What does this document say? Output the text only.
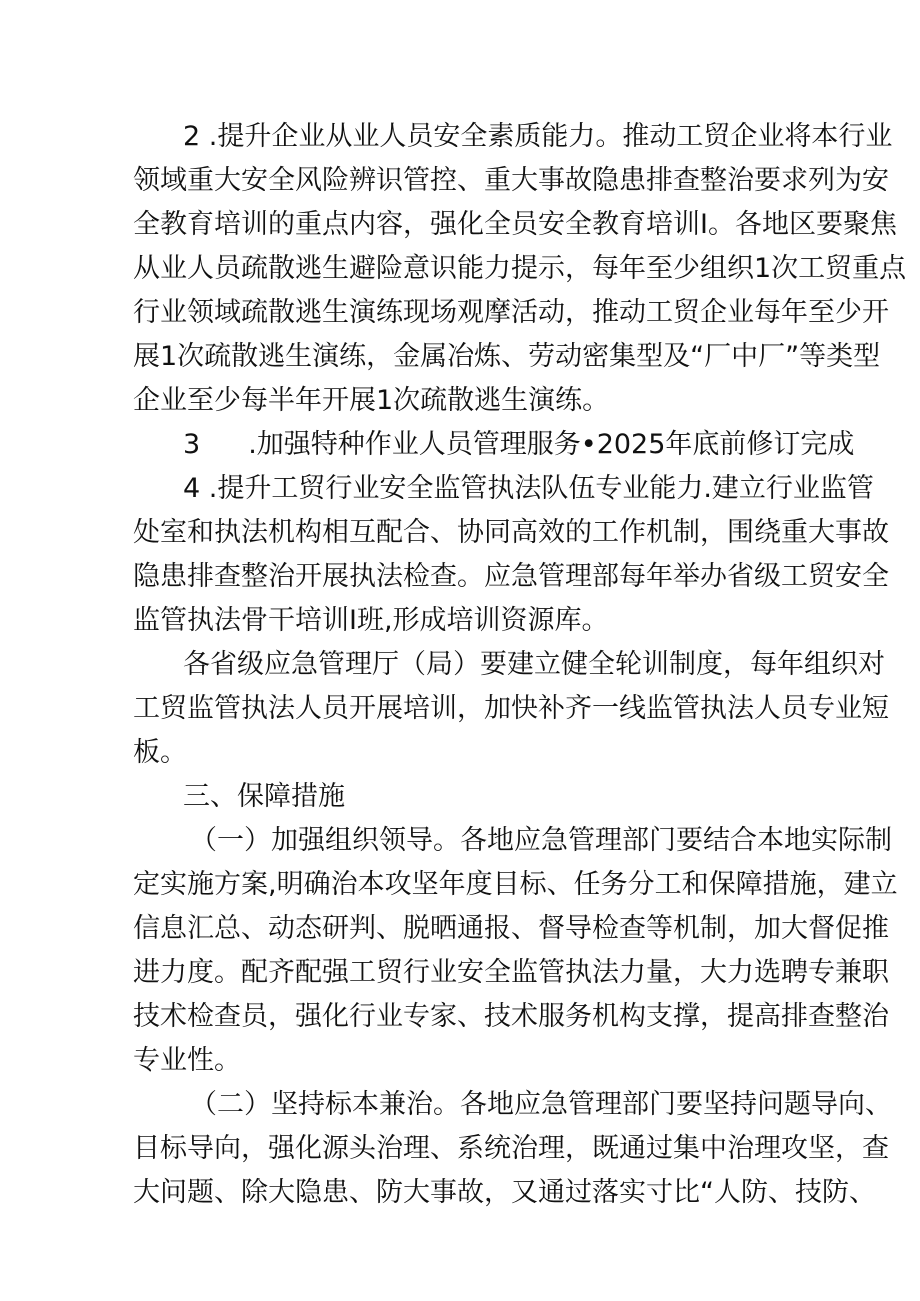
2 .提升企业从业人员安全素质能力。推动工贸企业将本行业
领域重大安全风险辨识管控、重大事故隐患排查整治要求列为安
全教育培训的重点内容，强化全员安全教育培训I。各地区要聚焦
从业人员疏散逃生避险意识能力提示，每年至少组织1次工贸重点
行业领域疏散逃生演练现场观摩活动，推动工贸企业每年至少开
展1次疏散逃生演练，金属冶炼、劳动密集型及“厂中厂”等类型
企业至少每半年开展1次疏散逃生演练。
3 .加强特种作业人员管理服务•2025年底前修订完成
4 .提升工贸行业安全监管执法队伍专业能力.建立行业监管
处室和执法机构相互配合、协同高效的工作机制，围绕重大事故
隐患排查整治开展执法检查。应急管理部每年举办省级工贸安全
监管执法骨干培训I班,形成培训资源库。
各省级应急管理厅（局）要建立健全轮训制度，每年组织对
工贸监管执法人员开展培训，加快补齐一线监管执法人员专业短
板。
三、保障措施
（一）加强组织领导。各地应急管理部门要结合本地实际制
定实施方案,明确治本攻坚年度目标、任务分工和保障措施，建立
信息汇总、动态研判、脱晒通报、督导检查等机制，加大督促推
进力度。配齐配强工贸行业安全监管执法力量，大力选聘专兼职
技术检查员，强化行业专家、技术服务机构支撑，提高排查整治
专业性。
（二）坚持标本兼治。各地应急管理部门要坚持问题导向、
目标导向，强化源头治理、系统治理，既通过集中治理攻坚，查
大问题、除大隐患、防大事故，又通过落实寸比“人防、技防、
